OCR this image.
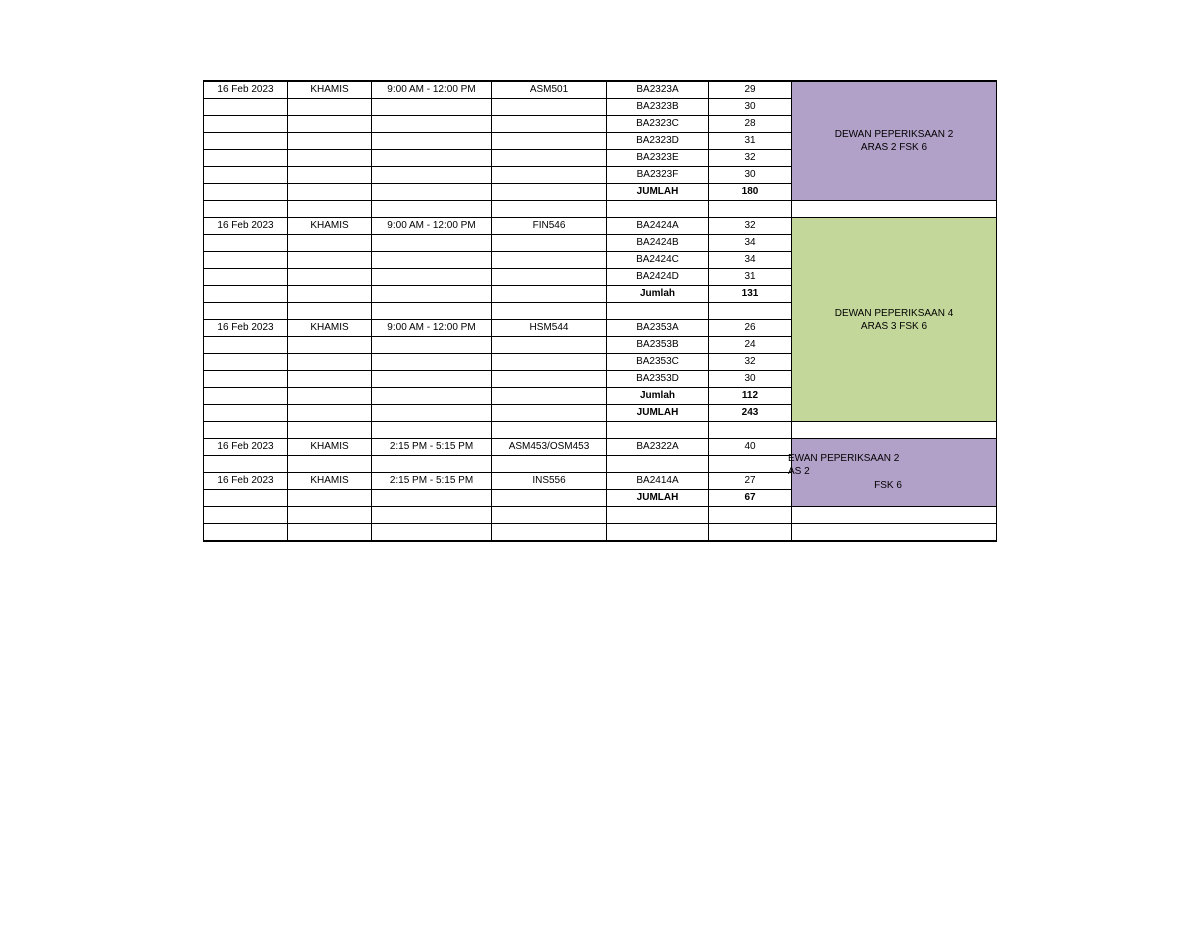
16 Feb 2023	KHAMIS	9:00 AM - 12:00 PM	ASM501	BA2323A	29	DEWAN PEPERIKSAAN 2
ARAS 2 FSK 6

				BA2323B	30	
				BA2323C	28	
				BA2323D	31	
				BA2323E	32	
				BA2323F	30	
				JUMLAH	180	

16 Feb 2023	KHAMIS	9:00 AM - 12:00 PM	FIN546	BA2424A	32	DEWAN PEPERIKSAAN 4
ARAS 3 FSK 6

				BA2424B	34	
				BA2424C	34	
				BA2424D	31	
				Jumlah	131	

16 Feb 2023	KHAMIS	9:00 AM - 12:00 PM	HSM544	BA2353A	26	
				BA2353B	24	
				BA2353C	32	
				BA2353D	30	
				Jumlah	112	
				JUMLAH	243	

16 Feb 2023	KHAMIS	2:15 PM - 5:15 PM	ASM453/OSM453	BA2322A	40	EWAN PEPERIKSAAN 2
AS 2
FSK 6

16 Feb 2023	KHAMIS	2:15 PM - 5:15 PM	INS556	BA2414A	27	
				JUMLAH	67	
